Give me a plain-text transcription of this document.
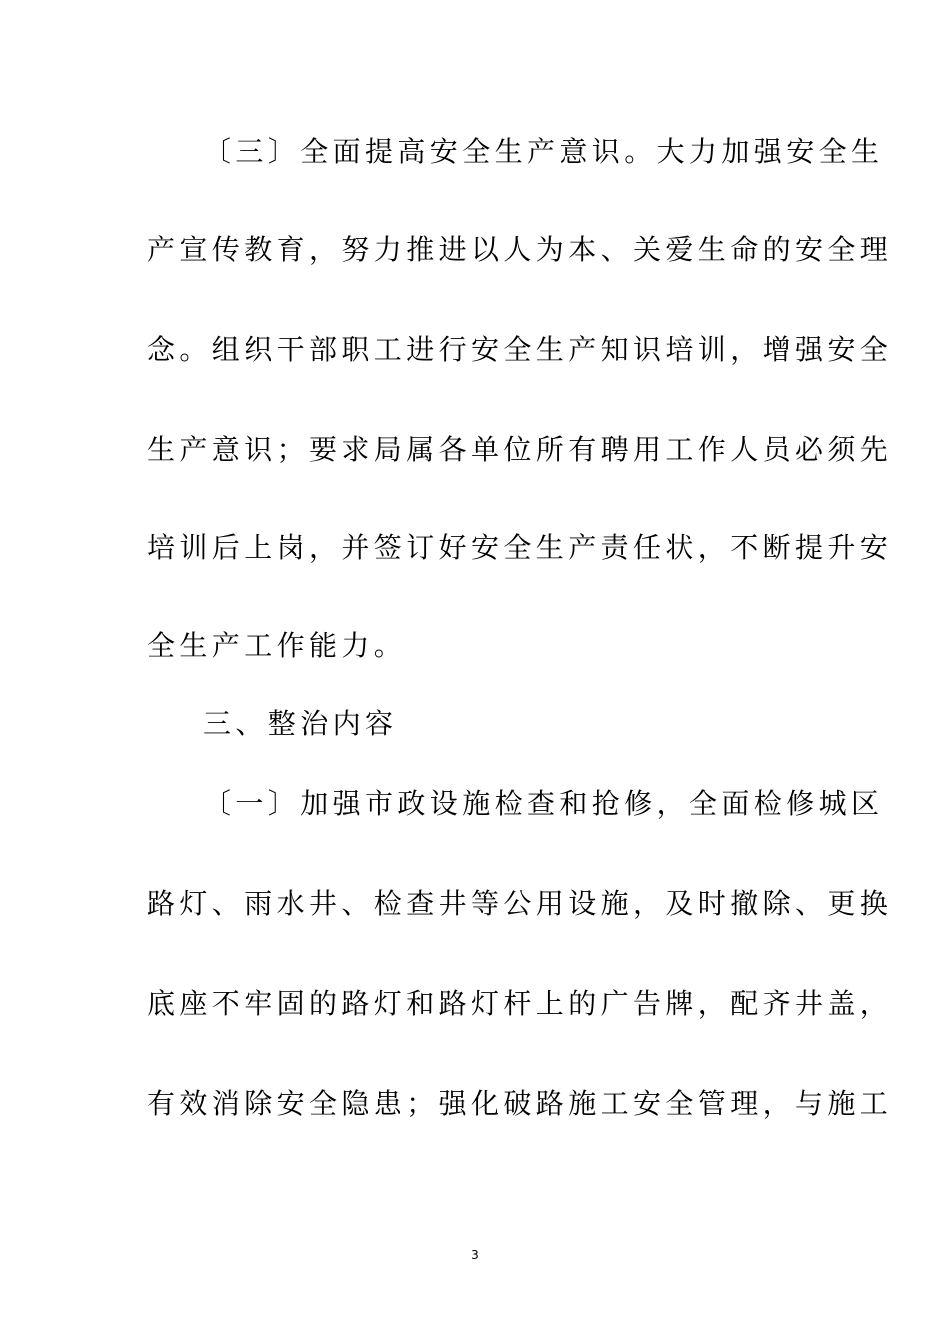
〔三〕全面提高安全生产意识。大力加强安全生
产宣传教育，努力推进以人为本、关爱生命的安全理
念。组织干部职工进行安全生产知识培训，增强安全
生产意识；要求局属各单位所有聘用工作人员必须先
培训后上岗，并签订好安全生产责任状，不断提升安
全生产工作能力。
三、整治内容
〔一〕加强市政设施检查和抢修，全面检修城区
路灯、雨水井、检查井等公用设施，及时撤除、更换
底座不牢固的路灯和路灯杆上的广告牌，配齐井盖，
有效消除安全隐患；强化破路施工安全管理，与施工
3
